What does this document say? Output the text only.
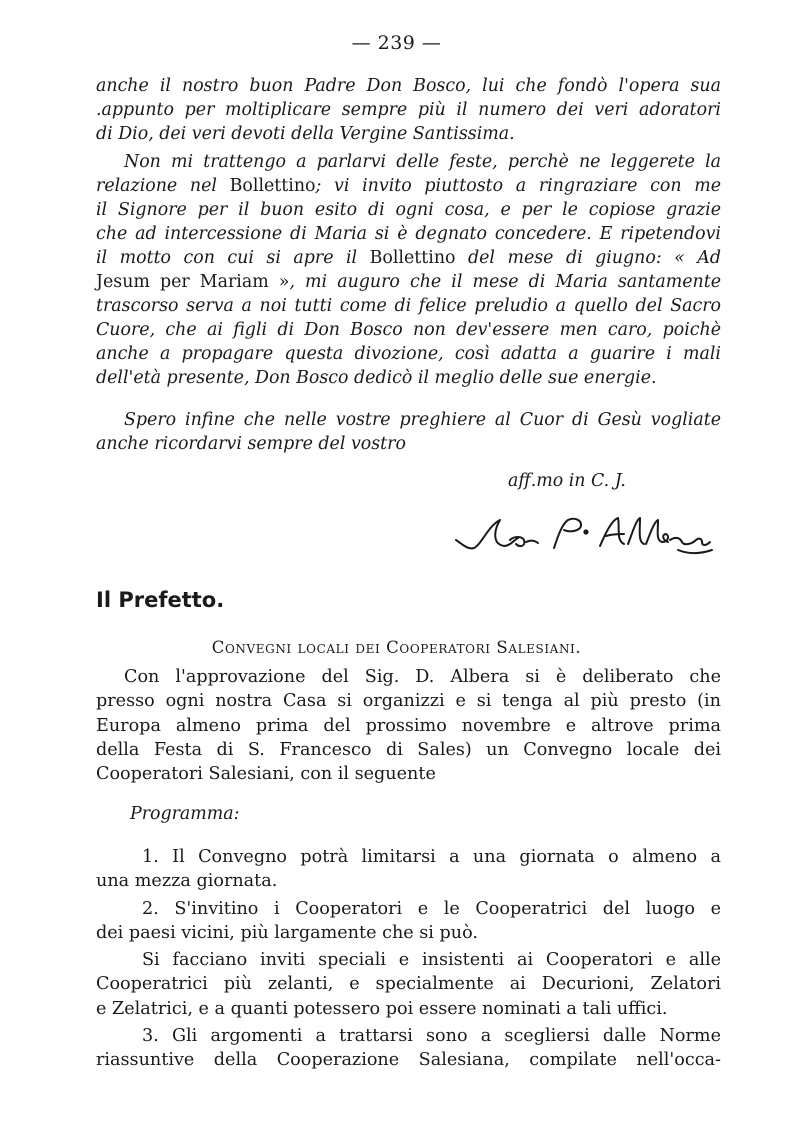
— 239 —
anche il nostro buon Padre Don Bosco, lui che fondò l'opera sua
.appunto per moltiplicare sempre più il numero dei veri adoratori
di Dio, dei veri devoti della Vergine Santissima.
Non mi trattengo a parlarvi delle feste, perchè ne leggerete la
relazione nel Bollettino; vi invito piuttosto a ringraziare con me
il Signore per il buon esito di ogni cosa, e per le copiose grazie
che ad intercessione di Maria si è degnato concedere. E ripetendovi
il motto con cui si apre il Bollettino del mese di giugno: « Ad
Jesum per Mariam », mi auguro che il mese di Maria santamente
trascorso serva a noi tutti come di felice preludio a quello del Sacro
Cuore, che ai figli di Don Bosco non dev'essere men caro, poichè
anche a propagare questa divozione, così adatta a guarire i mali
dell'età presente, Don Bosco dedicò il meglio delle sue energie.
Spero infine che nelle vostre preghiere al Cuor di Gesù vogliate
anche ricordarvi sempre del vostro
aff.mo in C. J.
Il Prefetto.
Convegni locali dei Cooperatori Salesiani.
Con l'approvazione del Sig. D. Albera si è deliberato che
presso ogni nostra Casa si organizzi e si tenga al più presto (in
Europa almeno prima del prossimo novembre e altrove prima
della Festa di S. Francesco di Sales) un Convegno locale dei
Cooperatori Salesiani, con il seguente
Programma:
1. Il Convegno potrà limitarsi a una giornata o almeno a
una mezza giornata.
2. S'invitino i Cooperatori e le Cooperatrici del luogo e
dei paesi vicini, più largamente che si può.
Si facciano inviti speciali e insistenti ai Cooperatori e alle
Cooperatrici più zelanti, e specialmente ai Decurioni, Zelatori
e Zelatrici, e a quanti potessero poi essere nominati a tali uffici.
3. Gli argomenti a trattarsi sono a scegliersi dalle Norme
riassuntive della Cooperazione Salesiana, compilate nell'occa-
